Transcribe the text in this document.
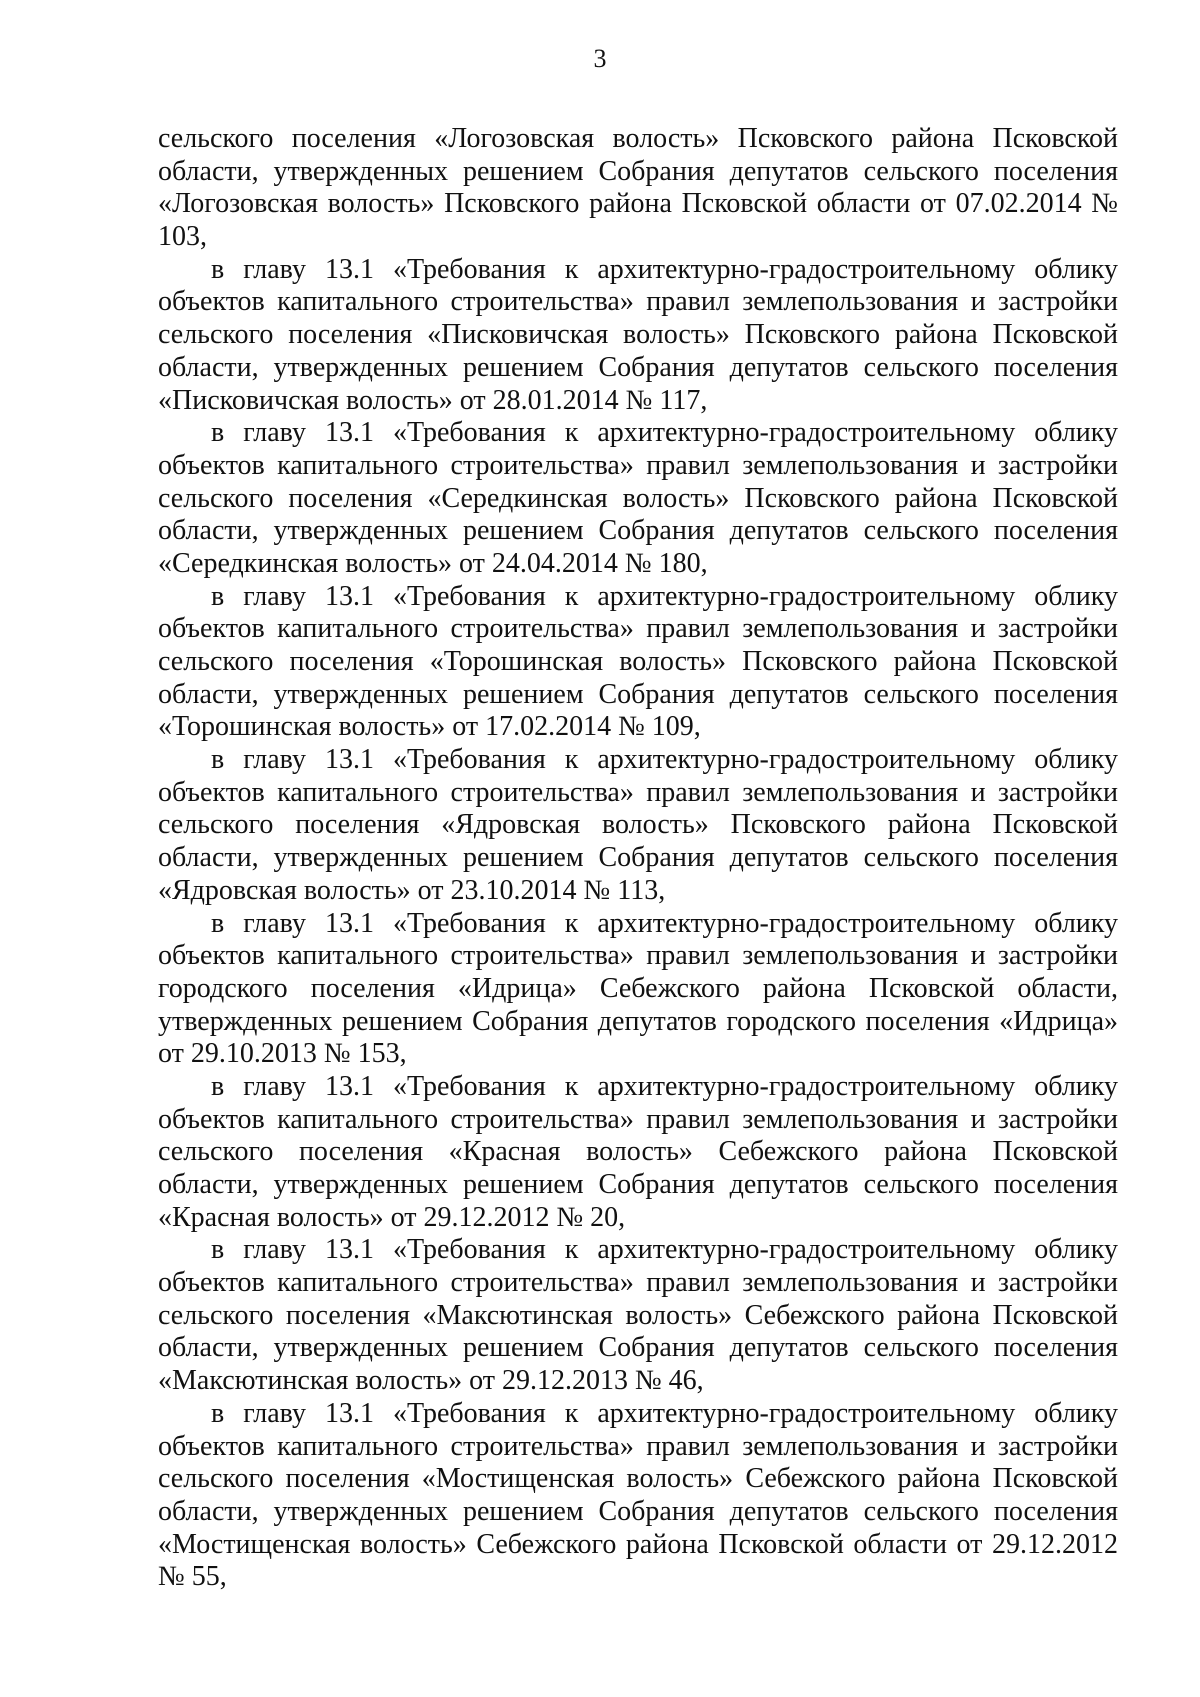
3
сельского поселения «Логозовская волость» Псковского района Псковской
области, утвержденных решением Собрания депутатов сельского поселения
«Логозовская волость» Псковского района Псковской области от 07.02.2014 №
103,
в главу 13.1 «Требования к архитектурно-градостроительному облику
объектов капитального строительства» правил землепользования и застройки
сельского поселения «Писковичская волость» Псковского района Псковской
области, утвержденных решением Собрания депутатов сельского поселения
«Писковичская волость» от 28.01.2014 № 117,
в главу 13.1 «Требования к архитектурно-градостроительному облику
объектов капитального строительства» правил землепользования и застройки
сельского поселения «Середкинская волость» Псковского района Псковской
области, утвержденных решением Собрания депутатов сельского поселения
«Середкинская волость» от 24.04.2014 № 180,
в главу 13.1 «Требования к архитектурно-градостроительному облику
объектов капитального строительства» правил землепользования и застройки
сельского поселения «Торошинская волость» Псковского района Псковской
области, утвержденных решением Собрания депутатов сельского поселения
«Торошинская волость» от 17.02.2014 № 109,
в главу 13.1 «Требования к архитектурно-градостроительному облику
объектов капитального строительства» правил землепользования и застройки
сельского поселения «Ядровская волость» Псковского района Псковской
области, утвержденных решением Собрания депутатов сельского поселения
«Ядровская волость» от 23.10.2014 № 113,
в главу 13.1 «Требования к архитектурно-градостроительному облику
объектов капитального строительства» правил землепользования и застройки
городского поселения «Идрица» Себежского района Псковской области,
утвержденных решением Собрания депутатов городского поселения «Идрица»
от 29.10.2013 № 153,
в главу 13.1 «Требования к архитектурно-градостроительному облику
объектов капитального строительства» правил землепользования и застройки
сельского поселения «Красная волость» Себежского района Псковской
области, утвержденных решением Собрания депутатов сельского поселения
«Красная волость» от 29.12.2012 № 20,
в главу 13.1 «Требования к архитектурно-градостроительному облику
объектов капитального строительства» правил землепользования и застройки
сельского поселения «Максютинская волость» Себежского района Псковской
области, утвержденных решением Собрания депутатов сельского поселения
«Максютинская волость» от 29.12.2013 № 46,
в главу 13.1 «Требования к архитектурно-градостроительному облику
объектов капитального строительства» правил землепользования и застройки
сельского поселения «Мостищенская волость» Себежского района Псковской
области, утвержденных решением Собрания депутатов сельского поселения
«Мостищенская волость» Себежского района Псковской области от 29.12.2012
№ 55,
